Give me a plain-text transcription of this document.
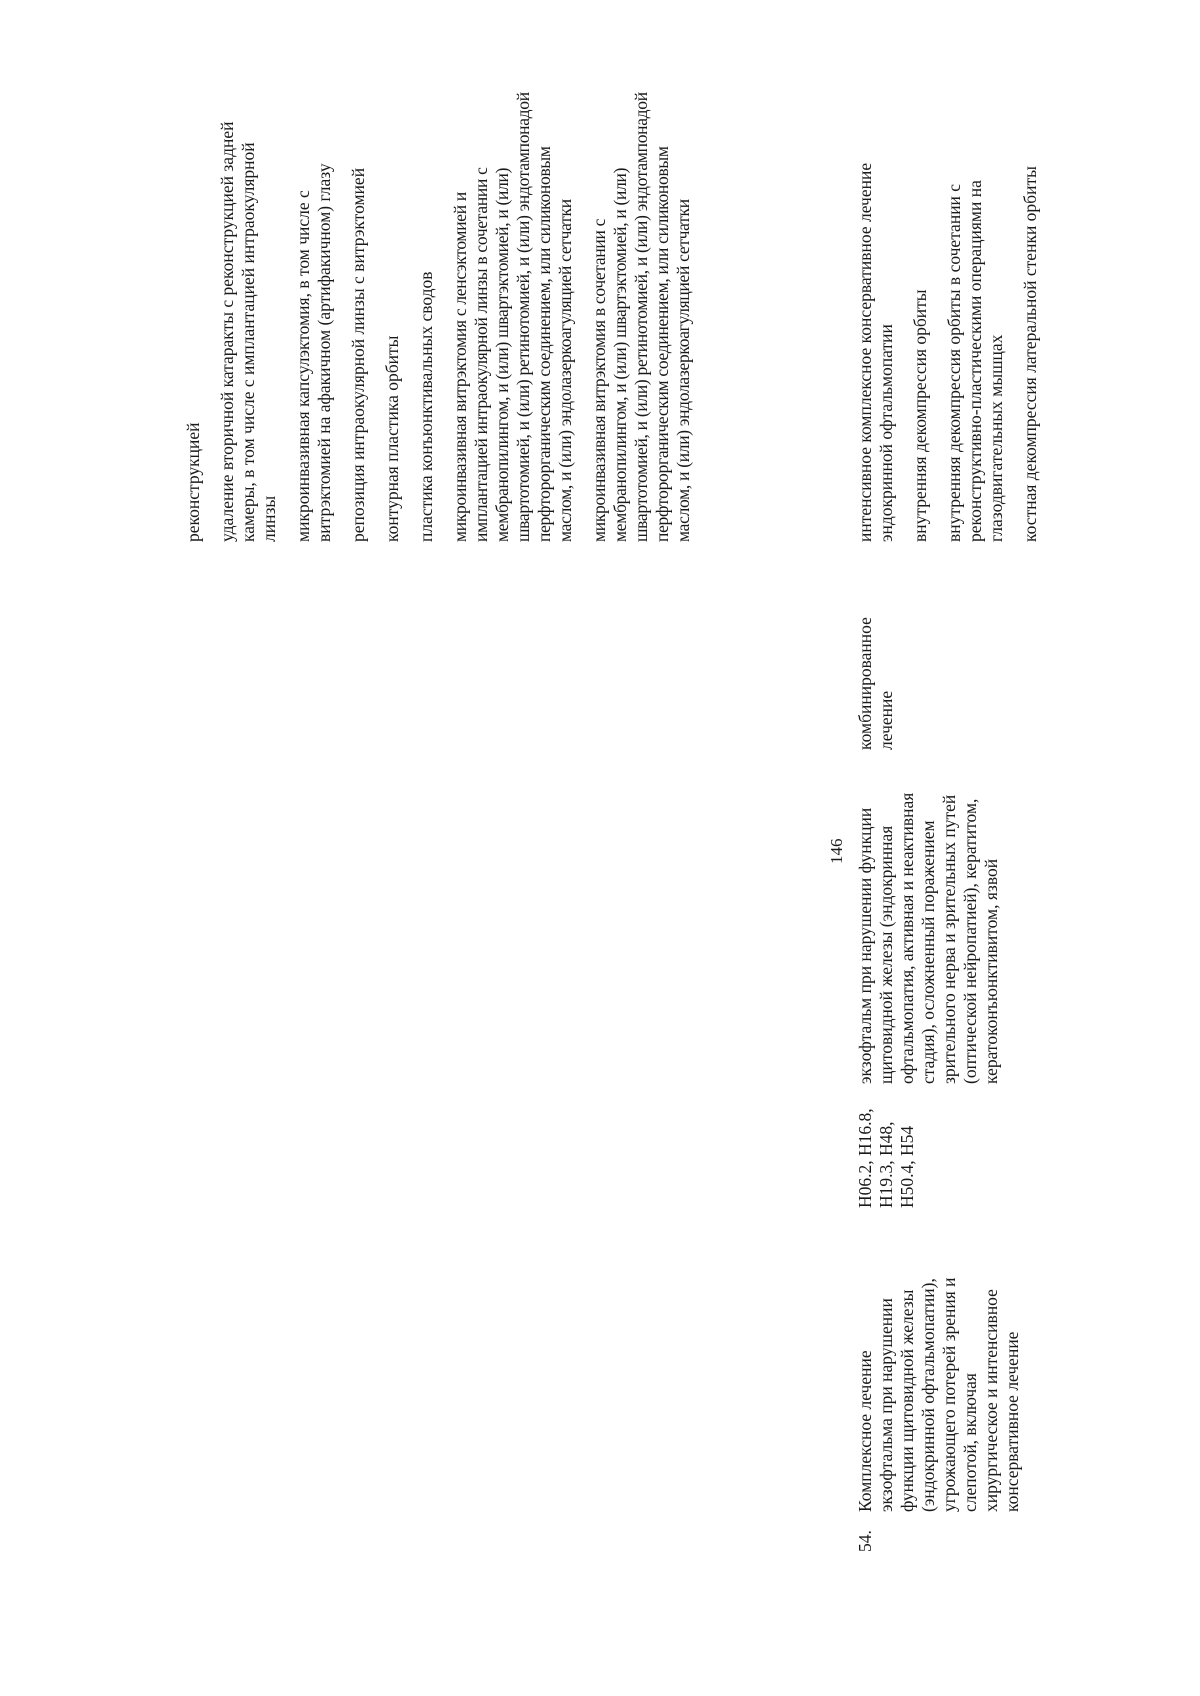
146
реконструкцией удаление вторичной катаракты с реконструкцией задней камеры, в том числе с имплантацией интраокулярной линзы микроинвазивная капсулэктомия, в том числе с витрэктомией на афакичном (артифакичном) глазу репозиция интраокулярной линзы с витрэктомией контурная пластика орбиты пластика конъюнктивальных сводов микроинвазивная витрэктомия с ленсэктомией и имплантацией интраокулярной линзы в сочетании с мембранопилингом, и (или) швартэктомией, и (или) швартотомией, и (или) ретинотомией, и (или) эндотампонадой перфторорганическим соединением, или силиконовым маслом, и (или) эндолазеркоагуляцией сетчатки микроинвазивная витрэктомия в сочетании с мембранопилингом, и (или) швартэктомией, и (или) швартотомией, и (или) ретинотомией, и (или) эндотампонадой перфторорганическим соединением, или силиконовым маслом, и (или) эндолазеркоагуляцией сетчатки
54.
Комплексное лечение экзофтальма при нарушении функции щитовидной железы (эндокринной офтальмопатии), угрожающего потерей зрения и слепотой, включая хирургическое и интенсивное консервативное лечение
H06.2, H16.8, H19.3, H48, H50.4, H54
экзофтальм при нарушении функции щитовидной железы (эндокринная офтальмопатия, активная и неактивная стадия), осложненный поражением зрительного нерва и зрительных путей (оптической нейропатией), кератитом, кератоконъюнктивитом, язвой
комбинированное лечение
интенсивное комплексное консервативное лечение эндокринной офтальмопатии внутренняя декомпрессия орбиты внутренняя декомпрессия орбиты в сочетании с реконструктивно-пластическими операциями на глазодвигательных мышцах костная декомпрессия латеральной стенки орбиты
